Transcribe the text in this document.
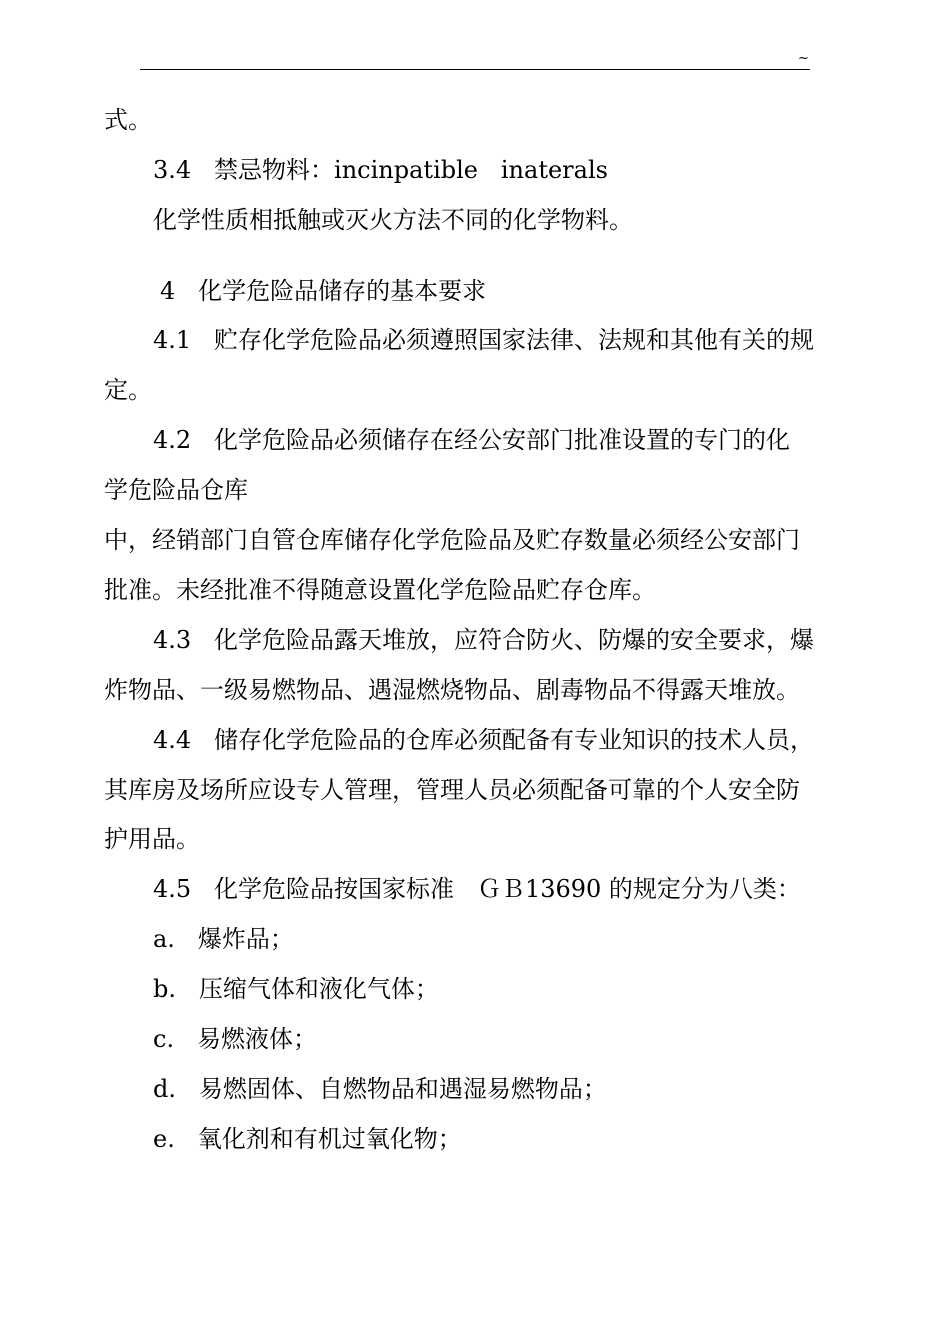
~
式。
3.4   禁忌物料：incinpatible   inaterals
化学性质相抵触或灭火方法不同的化学物料。
4   化学危险品储存的基本要求
4.1   贮存化学危险品必须遵照国家法律、法规和其他有关的规
定。
4.2   化学危险品必须储存在经公安部门批准设置的专门的化
学危险品仓库
中，经销部门自管仓库储存化学危险品及贮存数量必须经公安部门
批准。未经批准不得随意设置化学危险品贮存仓库。
4.3   化学危险品露天堆放，应符合防火、防爆的安全要求，爆
炸物品、一级易燃物品、遇湿燃烧物品、剧毒物品不得露天堆放。
4.4   储存化学危险品的仓库必须配备有专业知识的技术人员，
其库房及场所应设专人管理，管理人员必须配备可靠的个人安全防
护用品。
4.5   化学危险品按国家标准   ＧＢ13690 的规定分为八类：
a.   爆炸品；
b.   压缩气体和液化气体；
c.   易燃液体；
d.   易燃固体、自燃物品和遇湿易燃物品；
e.   氧化剂和有机过氧化物；
